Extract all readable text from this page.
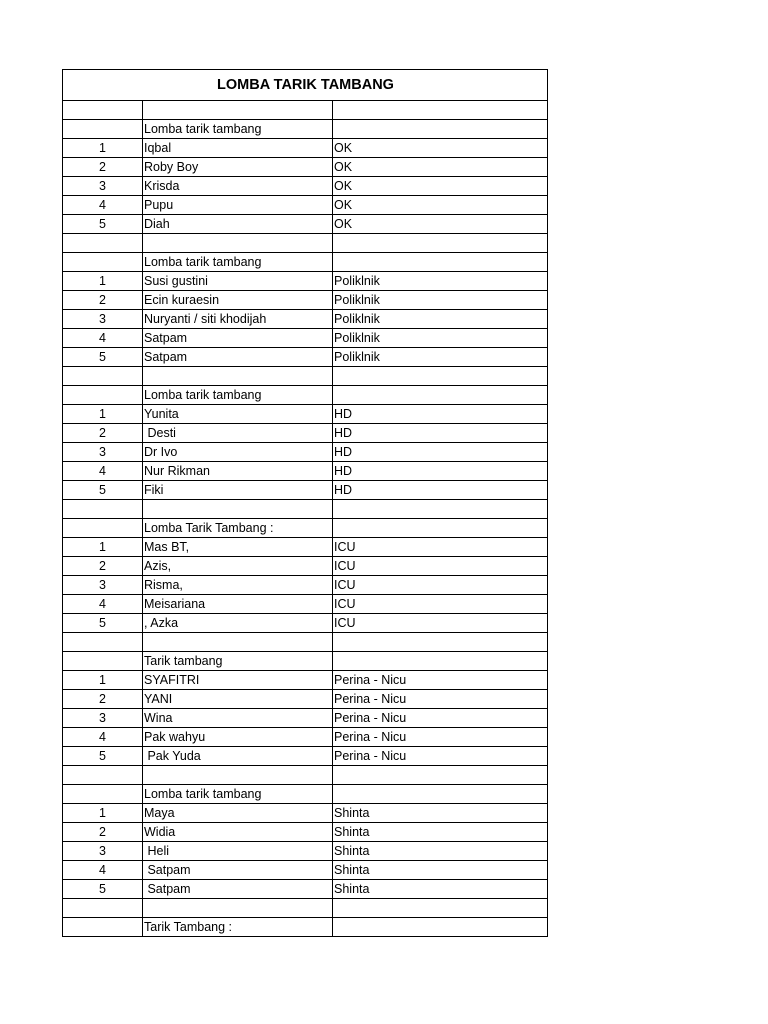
LOMBA TARIK TAMBANG		

	Lomba tarik tambang	
1	Iqbal	OK
2	Roby Boy	OK
3	Krisda	OK
4	Pupu	OK
5	Diah	OK

	Lomba tarik tambang	
1	Susi gustini	Poliklnik
2	Ecin kuraesin	Poliklnik
3	Nuryanti / siti khodijah	Poliklnik
4	Satpam	Poliklnik
5	Satpam	Poliklnik

	Lomba tarik tambang	
1	Yunita	HD
2	Desti	HD
3	Dr Ivo	HD
4	Nur Rikman	HD
5	Fiki	HD

	Lomba Tarik Tambang :	
1	Mas BT,	ICU
2	Azis,	ICU
3	Risma,	ICU
4	Meisariana	ICU
5	, Azka	ICU

	Tarik tambang	
1	SYAFITRI	Perina - Nicu
2	YANI	Perina - Nicu
3	Wina	Perina - Nicu
4	Pak wahyu	Perina - Nicu
5	Pak Yuda	Perina - Nicu

	Lomba tarik tambang	
1	Maya	Shinta
2	Widia	Shinta
3	Heli	Shinta
4	Satpam	Shinta
5	Satpam	Shinta

	Tarik Tambang :	
